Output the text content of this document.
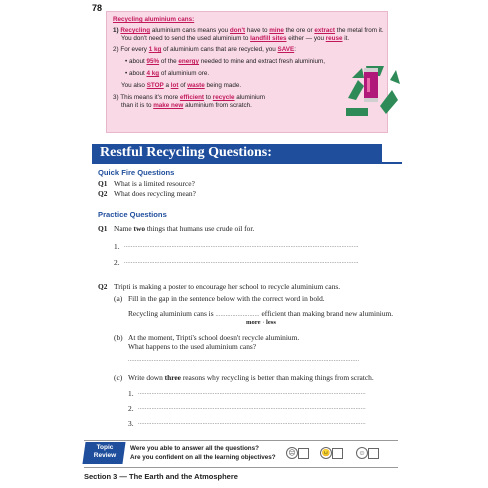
78
Recycling aluminium cans:
1) Recycling aluminium cans means you don't have to mine the ore or extract the metal from it.
You don't need to send the used aluminium to landfill sites either — you reuse it.
2) For every 1 kg of aluminium cans that are recycled, you SAVE:
• about 95% of the energy needed to mine and extract fresh aluminium,
• about 4 kg of aluminium ore.
You also STOP a lot of waste being made.
3) This means it's more efficient to recycle aluminium
than it is to make new aluminium from scratch.
Restful Recycling Questions:
Quick Fire Questions
Q1 What is a limited resource?
Q2 What does recycling mean?
Practice Questions
Q1 Name two things that humans use crude oil for.
1. ..........................................................................................................................................
2. ..........................................................................................................................................
Q2 Tripti is making a poster to encourage her school to recycle aluminium cans.
(a) Fill in the gap in the sentence below with the correct word in bold.
Recycling aluminium cans is .......................... efficient than making brand new aluminium.
more · less
(b) At the moment, Tripti's school doesn't recycle aluminium.
What happens to the used aluminium cans?
........................................................................................................................................
(c) Write down three reasons why recycling is better than making things from scratch.
1. ......................................................................................................................................
2. ......................................................................................................................................
3. ......................................................................................................................................
Topic
Review
Were you able to answer all the questions?
Are you confident on all the learning objectives?
☹	😐	☺
Section 3 — The Earth and the Atmosphere
